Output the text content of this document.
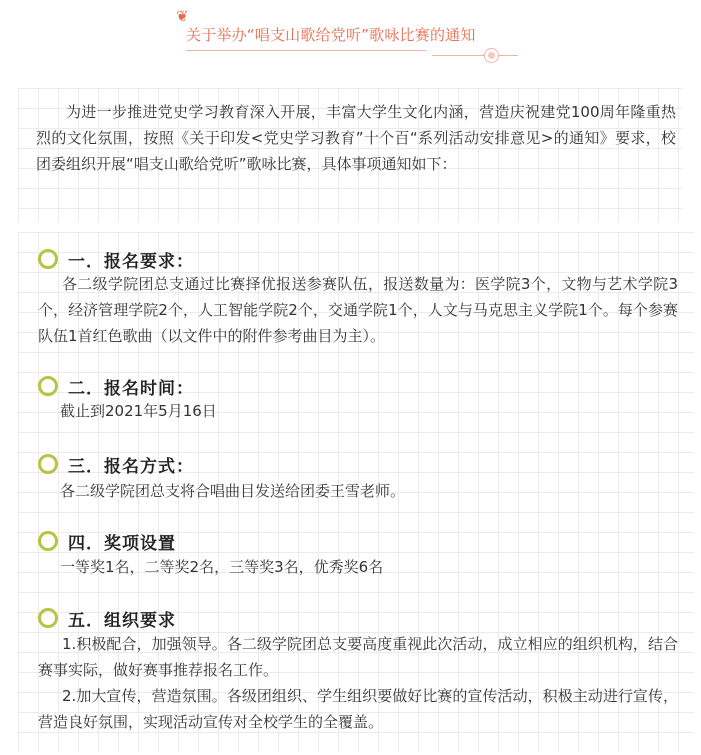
❦
关于举办“唱支山歌给党听”歌咏比赛的通知
为进一步推进党史学习教育深入开展，丰富大学生文化内涵，营造庆祝建党100周年隆重热烈的文化氛围，按照《关于印发<党史学习教育”十个百“系列活动安排意见>的通知》要求，校团委组织开展“唱支山歌给党听”歌咏比赛，具体事项通知如下：
一．报名要求：
各二级学院团总支通过比赛择优报送参赛队伍，报送数量为：医学院3个，文物与艺术学院3个，经济管理学院2个，人工智能学院2个，交通学院1个，人文与马克思主义学院1个。每个参赛队伍1首红色歌曲（以文件中的附件参考曲目为主）。
二．报名时间：
截止到2021年5月16日
三．报名方式：
各二级学院团总支将合唱曲目发送给团委王雪老师。
四．奖项设置
一等奖1名，二等奖2名，三等奖3名，优秀奖6名
五．组织要求
1.积极配合，加强领导。各二级学院团总支要高度重视此次活动，成立相应的组织机构，结合赛事实际，做好赛事推荐报名工作。
2.加大宣传，营造氛围。各级团组织、学生组织要做好比赛的宣传活动，积极主动进行宣传，营造良好氛围，实现活动宣传对全校学生的全覆盖。
